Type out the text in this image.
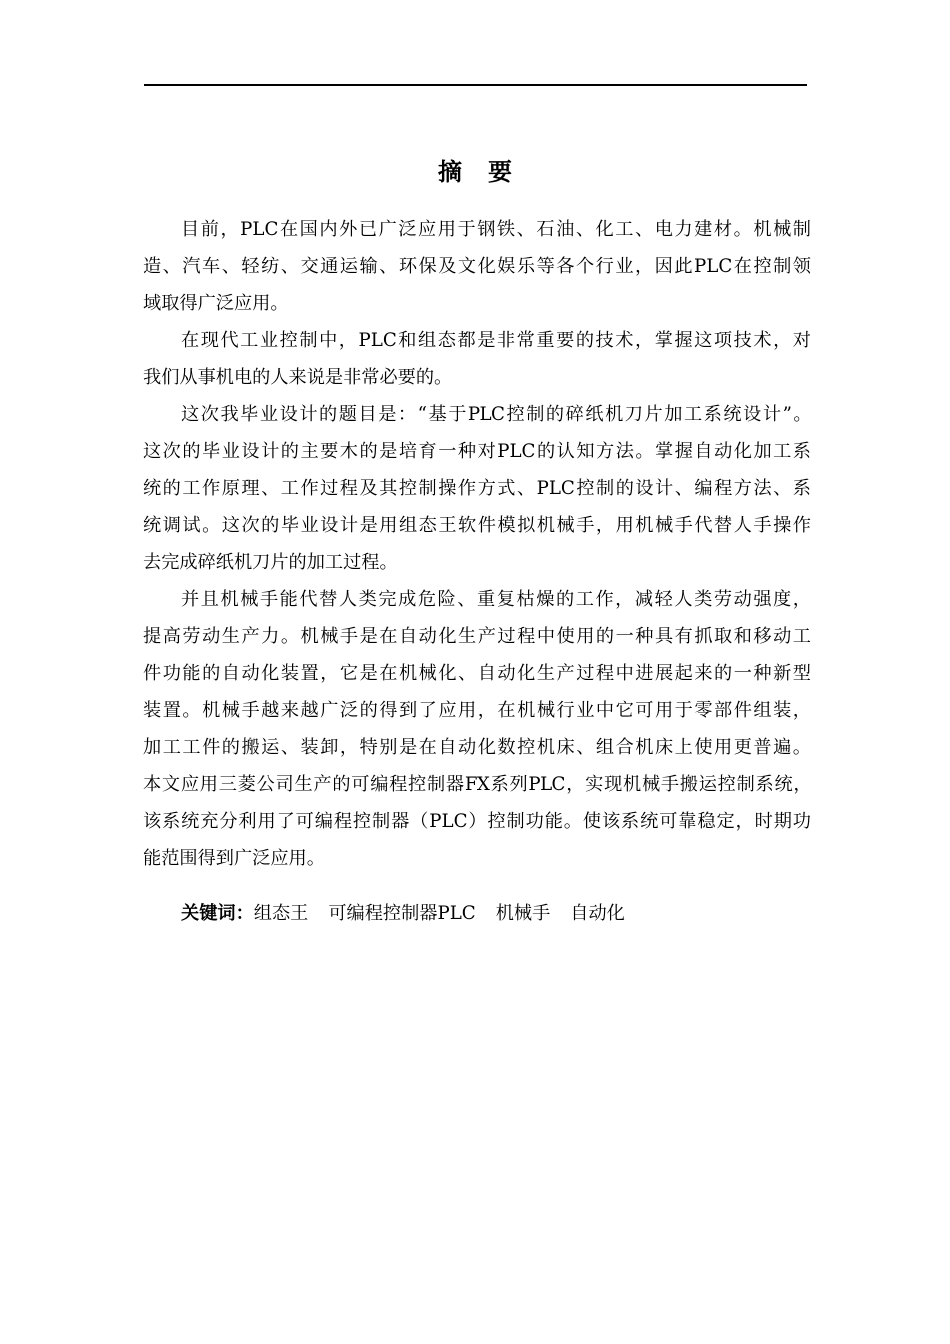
摘要
目前，PLC在国内外已广泛应用于钢铁、石油、化工、电力建材。机械制
造、汽车、轻纺、交通运输、环保及文化娱乐等各个行业，因此PLC在控制领
域取得广泛应用。
在现代工业控制中，PLC和组态都是非常重要的技术，掌握这项技术，对
我们从事机电的人来说是非常必要的。
这次我毕业设计的题目是：“基于PLC控制的碎纸机刀片加工系统设计”。
这次的毕业设计的主要木的是培育一种对PLC的认知方法。掌握自动化加工系
统的工作原理、工作过程及其控制操作方式、PLC控制的设计、编程方法、系
统调试。这次的毕业设计是用组态王软件模拟机械手，用机械手代替人手操作
去完成碎纸机刀片的加工过程。
并且机械手能代替人类完成危险、重复枯燥的工作，减轻人类劳动强度，
提高劳动生产力。机械手是在自动化生产过程中使用的一种具有抓取和移动工
件功能的自动化装置，它是在机械化、自动化生产过程中进展起来的一种新型
装置。机械手越来越广泛的得到了应用，在机械行业中它可用于零部件组装，
加工工件的搬运、装卸，特别是在自动化数控机床、组合机床上使用更普遍。
本文应用三菱公司生产的可编程控制器FX系列PLC，实现机械手搬运控制系统，
该系统充分利用了可编程控制器（PLC）控制功能。使该系统可靠稳定，时期功
能范围得到广泛应用。
关键词：组态王 可编程控制器PLC 机械手 自动化
